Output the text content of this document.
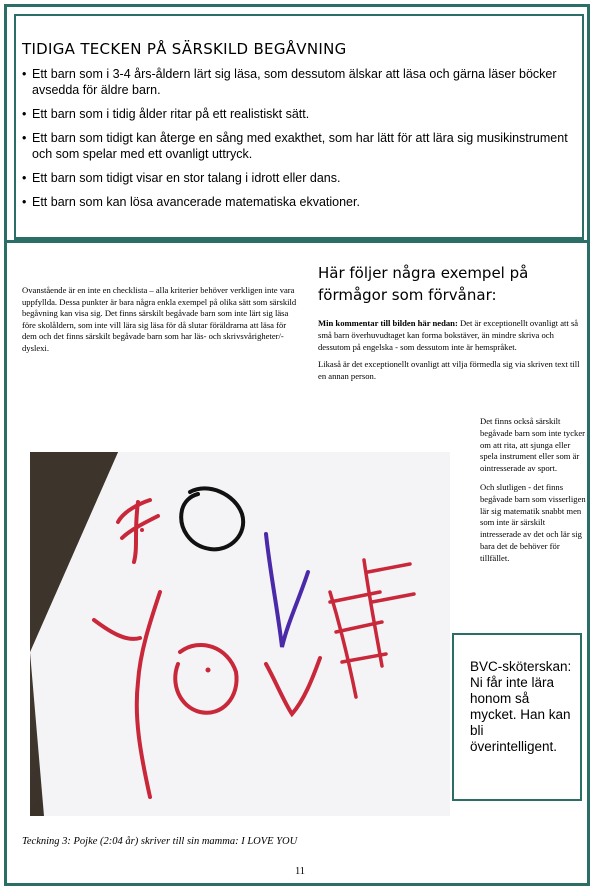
TIDIGA TECKEN PÅ SÄRSKILD BEGÅVNING
• Ett barn som i 3-4 års-åldern lärt sig läsa, som dessutom älskar att läsa och gärna läser böcker avsedda för äldre barn.
• Ett barn som i tidig ålder ritar på ett realistiskt sätt.
• Ett barn som tidigt kan återge en sång med exakthet, som har lätt för att lära sig musikinstrument och som spelar med ett ovanligt uttryck.
• Ett barn som tidigt visar en stor talang i idrott eller dans.
• Ett barn som kan lösa avancerade matematiska ekvationer.
Ovanstående är en inte en checklista – alla kriterier behöver verkligen inte vara uppfyllda. Dessa punkter är bara några enkla exempel på olika sätt som särskild begåvning kan visa sig. Det finns särskilt begåvade barn som inte lärt sig läsa före skolåldern, som inte vill lära sig läsa för då slutar föräldrarna att läsa för dem och det finns särskilt begåvade barn som har läs- och skrivsvårigheter/-dyslexi.
Här följer några exempel på förmågor som förvånar:

Min kommentar till bilden här nedan: Det är exceptionellt ovanligt att så små barn överhuvudtaget kan forma bokstäver, än mindre skriva och dessutom på engelska - som dessutom inte är hemspråket.

Likaså är det exceptionellt ovanligt att vilja förmedla sig via skriven text till en annan person.

Det finns också särskilt begåvade barn som inte tycker om att rita, att sjunga eller spela instrument eller som är ointresserade av sport.

Och slutligen - det finns begåvade barn som visserligen lär sig matematik snabbt men som inte är särskilt intresserade av det och lär sig bara det de behöver för tillfället.

BVC-sköterskan: Ni får inte lära honom så mycket. Han kan bli överintelligent.
Teckning 3: Pojke (2:04 år) skriver till sin mamma: I LOVE YOU
11
